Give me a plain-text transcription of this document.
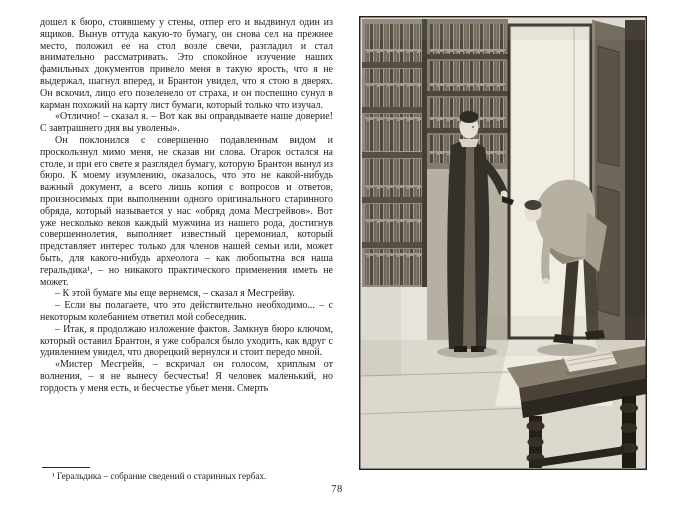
дошел к бюро, стоявшему у стены, отпер его и выдвинул один из ящиков. Вынув оттуда какую-то бумагу, он снова сел на прежнее место, положил ее на стол возле свечи, разгладил и стал внимательно рассматривать. Это спокойное изучение наших фамильных документов привело меня в такую ярость, что я не выдержал, шагнул вперед, и Брантон увидел, что я стою в дверях. Он вскочил, лицо его позеленело от страха, и он поспешно сунул в карман похожий на карту лист бумаги, который только что изучал.

«Отлично! – сказал я. – Вот как вы оправдываете наше доверие! С завтрашнего дня вы уволены».

Он поклонился с совершенно подавленным видом и проскользнул мимо меня, не сказав ни слова. Огарок остался на столе, и при его свете я разглядел бумагу, которую Брантон вынул из бюро. К моему изумлению, оказалось, что это не какой-нибудь важный документ, а всего лишь копия с вопросов и ответов, произносимых при выполнении одного оригинального старинного обряда, который называется у нас «обряд дома Месгрейвов». Вот уже несколько веков каждый мужчина из нашего рода, достигнув совершеннолетия, выполняет известный церемониал, который представляет интерес только для членов нашей семьи или, может быть, для какого-нибудь археолога – как любопытна вся наша геральдика¹, – но никакого практического применения иметь не может.

– К этой бумаге мы еще вернемся, – сказал я Месгрейву.

– Если вы полагаете, что это действительно необходимо... – с некоторым колебанием ответил мой собеседник.

– Итак, я продолжаю изложение фактов. Замкнув бюро ключом, который оставил Брантон, я уже собрался было уходить, как вдруг с удивлением увидел, что дворецкий вернулся и стоит передо мной.

«Мистер Месгрейв, – вскричал он голосом, хриплым от волнения, – я не вынесу бесчестья! Я человек маленький, но гордость у меня есть, и бесчестье убьет меня. Смерть

¹ Геральдика – собрание сведений о старинных гербах.

78
